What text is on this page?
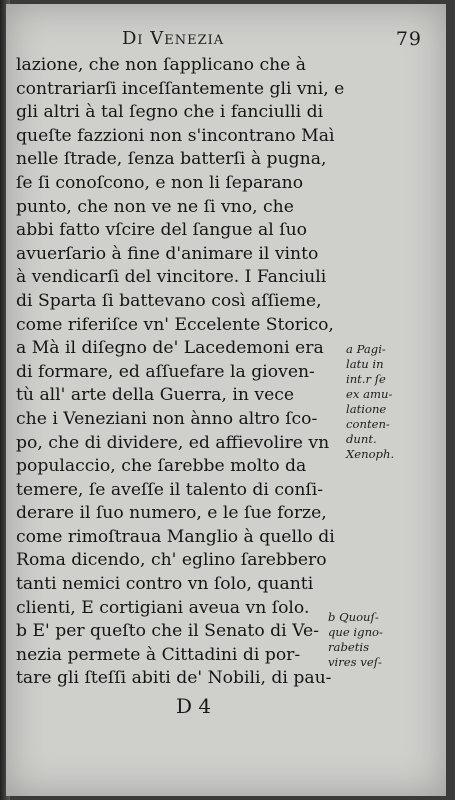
Di Venezia	79
lazione, che non ſapplicano che à
contrariarſi inceſſantemente gli vni, e
gli altri à tal ſegno che i fanciulli di
queſte fazzioni non s'incontrano Maì
nelle ſtrade, ſenza batterſi à pugna,
ſe ſi conoſcono, e non li ſeparano
punto, che non ve ne ſi vno, che
abbi fatto vſcire del ſangue al ſuo
avuerſario à fine d'animare il vinto
à vendicarſi del vincitore. I Fanciuli
di Sparta ſi battevano così aſſieme,
come riferiſce vn' Eccelente Storico,
a Mà il diſegno de' Lacedemoni era
di formare, ed aſſuefare la gioven-
tù all' arte della Guerra, in vece
che i Veneziani non ànno altro ſco-
po, che di dividere, ed affievolire vn
populaccio, che ſarebbe molto da
temere, ſe aveſſe il talento di conſi-
derare il ſuo numero, e le ſue forze,
come rimoſtraua Manglio à quello di
Roma dicendo, ch' eglino ſarebbero
tanti nemici contro vn ſolo, quanti
clienti, E cortigiani aveua vn ſolo.
b E' per queſto che il Senato di Ve-
nezia permete à Cittadini di por-
tare gli ſteſſi abiti de' Nobili, di pau-
a Pagi-
latu in
int.r ſe
ex amu-
latione
conten-
dunt.
Xenoph.
b Quouſ-
que igno-
rabetis
vires veſ-
D 4
